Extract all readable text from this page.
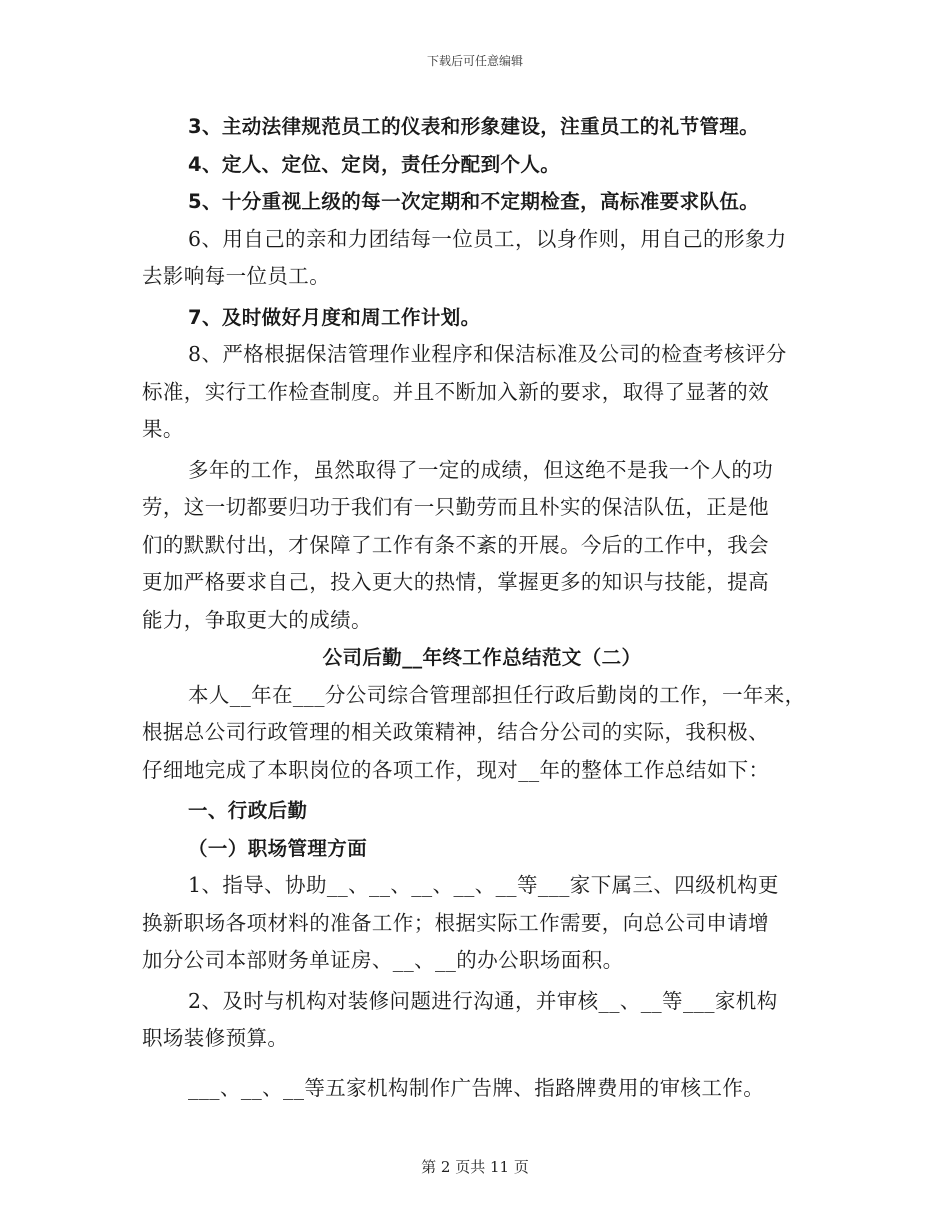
下载后可任意编辑
3、主动法律规范员工的仪表和形象建设，注重员工的礼节管理。
4、定人、定位、定岗，责任分配到个人。
5、十分重视上级的每一次定期和不定期检查，高标准要求队伍。
6、用自己的亲和力团结每一位员工，以身作则，用自己的形象力
去影响每一位员工。
7、及时做好月度和周工作计划。
8、严格根据保洁管理作业程序和保洁标准及公司的检查考核评分
标准，实行工作检查制度。并且不断加入新的要求，取得了显著的效
果。
多年的工作，虽然取得了一定的成绩，但这绝不是我一个人的功
劳，这一切都要归功于我们有一只勤劳而且朴实的保洁队伍，正是他
们的默默付出，才保障了工作有条不紊的开展。今后的工作中，我会
更加严格要求自己，投入更大的热情，掌握更多的知识与技能，提高
能力，争取更大的成绩。
公司后勤__年终工作总结范文（二）
本人__年在___分公司综合管理部担任行政后勤岗的工作，一年来，
根据总公司行政管理的相关政策精神，结合分公司的实际，我积极、
仔细地完成了本职岗位的各项工作，现对__年的整体工作总结如下：
一、行政后勤
（一）职场管理方面
1、指导、协助__、__、__、__、__等___家下属三、四级机构更
换新职场各项材料的准备工作；根据实际工作需要，向总公司申请增
加分公司本部财务单证房、__、__的办公职场面积。
2、及时与机构对装修问题进行沟通，并审核__、__等___家机构
职场装修预算。
___、__、__等五家机构制作广告牌、指路牌费用的审核工作。
第 2 页共 11 页
